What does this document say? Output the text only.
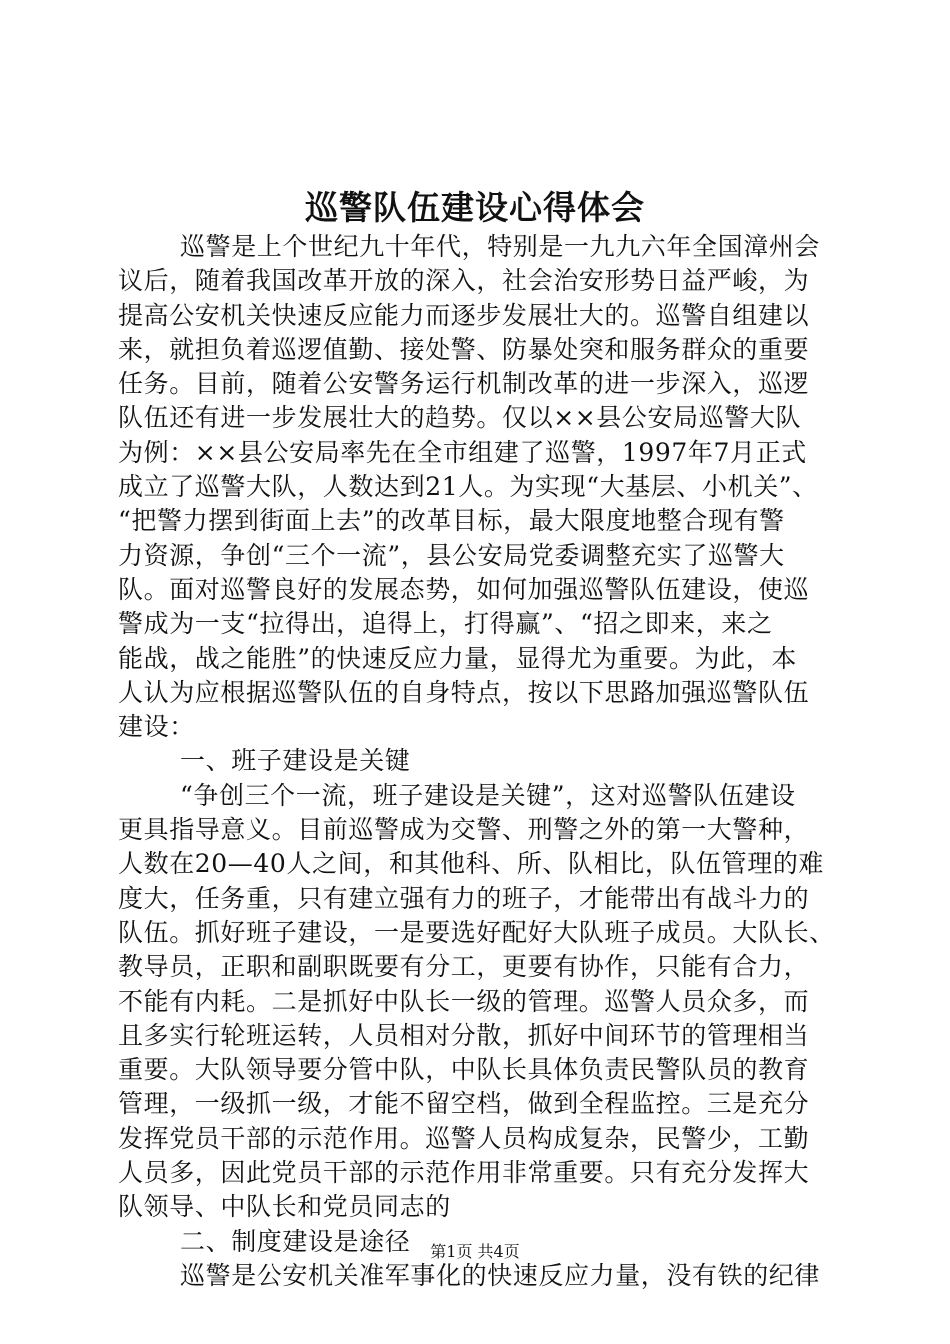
巡警队伍建设心得体会
巡警是上个世纪九十年代，特别是一九九六年全国漳州会
议后，随着我国改革开放的深入，社会治安形势日益严峻，为
提高公安机关快速反应能力而逐步发展壮大的。巡警自组建以
来，就担负着巡逻值勤、接处警、防暴处突和服务群众的重要
任务。目前，随着公安警务运行机制改革的进一步深入，巡逻
队伍还有进一步发展壮大的趋势。仅以××县公安局巡警大队
为例：××县公安局率先在全市组建了巡警，1997年7月正式
成立了巡警大队，人数达到21人。为实现“大基层、小机关”、
“把警力摆到街面上去”的改革目标，最大限度地整合现有警
力资源，争创“三个一流”，县公安局党委调整充实了巡警大
队。面对巡警良好的发展态势，如何加强巡警队伍建设，使巡
警成为一支“拉得出，追得上，打得赢”、“招之即来，来之
能战，战之能胜”的快速反应力量，显得尤为重要。为此，本
人认为应根据巡警队伍的自身特点，按以下思路加强巡警队伍
建设：
一、班子建设是关键
“争创三个一流，班子建设是关键”，这对巡警队伍建设
更具指导意义。目前巡警成为交警、刑警之外的第一大警种，
人数在20—40人之间，和其他科、所、队相比，队伍管理的难
度大，任务重，只有建立强有力的班子，才能带出有战斗力的
队伍。抓好班子建设，一是要选好配好大队班子成员。大队长、
教导员，正职和副职既要有分工，更要有协作，只能有合力，
不能有内耗。二是抓好中队长一级的管理。巡警人员众多，而
且多实行轮班运转，人员相对分散，抓好中间环节的管理相当
重要。大队领导要分管中队，中队长具体负责民警队员的教育
管理，一级抓一级，才能不留空档，做到全程监控。三是充分
发挥党员干部的示范作用。巡警人员构成复杂，民警少，工勤
人员多，因此党员干部的示范作用非常重要。只有充分发挥大
队领导、中队长和党员同志的
二、制度建设是途径
巡警是公安机关准军事化的快速反应力量，没有铁的纪律
第1页 共4页
